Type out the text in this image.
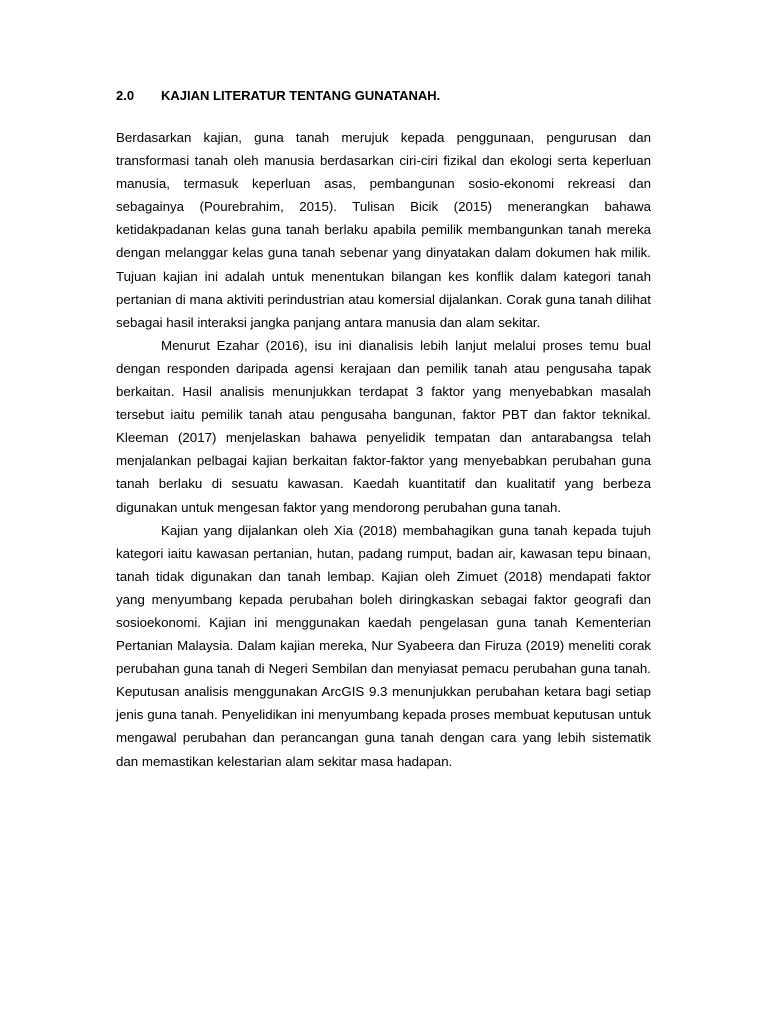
2.0	KAJIAN LITERATUR TENTANG GUNATANAH.

Berdasarkan kajian, guna tanah merujuk kepada penggunaan, pengurusan dan transformasi tanah oleh manusia berdasarkan ciri-ciri fizikal dan ekologi serta keperluan manusia, termasuk keperluan asas, pembangunan sosio-ekonomi rekreasi dan sebagainya (Pourebrahim, 2015). Tulisan Bicik (2015) menerangkan bahawa ketidakpadanan kelas guna tanah berlaku apabila pemilik membangunkan tanah mereka dengan melanggar kelas guna tanah sebenar yang dinyatakan dalam dokumen hak milik. Tujuan kajian ini adalah untuk menentukan bilangan kes konflik dalam kategori tanah pertanian di mana aktiviti perindustrian atau komersial dijalankan. Corak guna tanah dilihat sebagai hasil interaksi jangka panjang antara manusia dan alam sekitar.

Menurut Ezahar (2016), isu ini dianalisis lebih lanjut melalui proses temu bual dengan responden daripada agensi kerajaan dan pemilik tanah atau pengusaha tapak berkaitan. Hasil analisis menunjukkan terdapat 3 faktor yang menyebabkan masalah tersebut iaitu pemilik tanah atau pengusaha bangunan, faktor PBT dan faktor teknikal. Kleeman (2017) menjelaskan bahawa penyelidik tempatan dan antarabangsa telah menjalankan pelbagai kajian berkaitan faktor-faktor yang menyebabkan perubahan guna tanah berlaku di sesuatu kawasan. Kaedah kuantitatif dan kualitatif yang berbeza digunakan untuk mengesan faktor yang mendorong perubahan guna tanah.

Kajian yang dijalankan oleh Xia (2018) membahagikan guna tanah kepada tujuh kategori iaitu kawasan pertanian, hutan, padang rumput, badan air, kawasan tepu binaan, tanah tidak digunakan dan tanah lembap. Kajian oleh Zimuet (2018) mendapati faktor yang menyumbang kepada perubahan boleh diringkaskan sebagai faktor geografi dan sosioekonomi. Kajian ini menggunakan kaedah pengelasan guna tanah Kementerian Pertanian Malaysia. Dalam kajian mereka, Nur Syabeera dan Firuza (2019) meneliti corak perubahan guna tanah di Negeri Sembilan dan menyiasat pemacu perubahan guna tanah. Keputusan analisis menggunakan ArcGIS 9.3 menunjukkan perubahan ketara bagi setiap jenis guna tanah. Penyelidikan ini menyumbang kepada proses membuat keputusan untuk mengawal perubahan dan perancangan guna tanah dengan cara yang lebih sistematik dan memastikan kelestarian alam sekitar masa hadapan.
